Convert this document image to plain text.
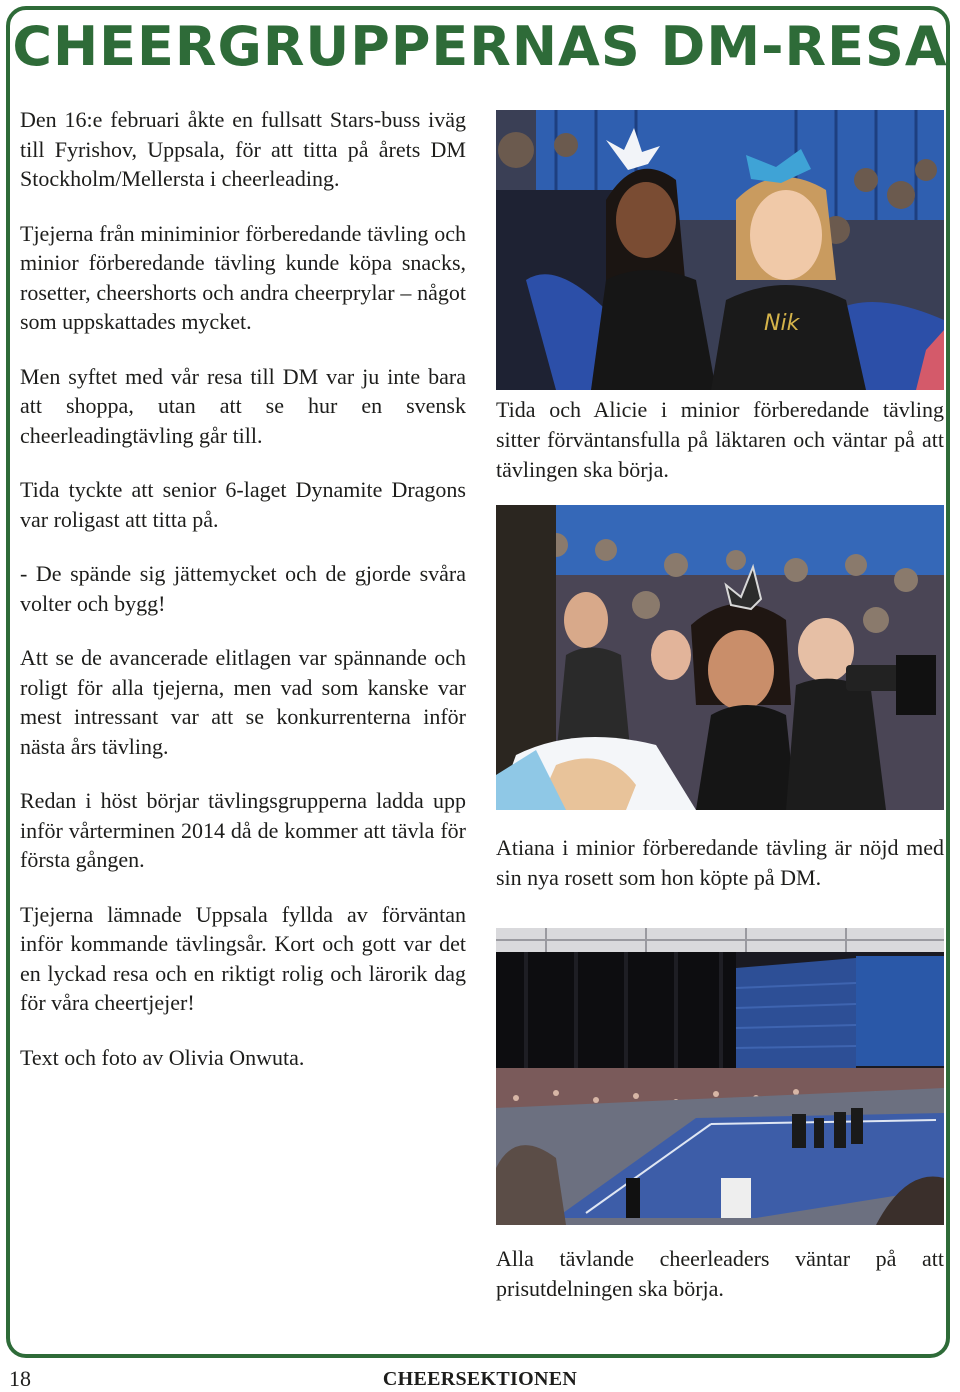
CHEERGRUPPERNAS DM-RESA

Den 16:e februari åkte en fullsatt Stars-buss iväg till Fyrishov, Uppsala, för att titta på årets DM Stockholm/Mellersta i cheerleading.

Tjejerna från miniminior förberedande tävling och minior förberedande tävling kunde köpa snacks, rosetter, cheershorts och andra cheerprylar – något som uppskattades mycket.

Men syftet med vår resa till DM var ju inte bara att shoppa, utan att se hur en svensk cheerleadingtävling går till.

Tida tyckte att senior 6-laget Dynamite Dragons var roligast att titta på.

- De spände sig jättemycket och de gjorde svåra volter och bygg!

Att se de avancerade elitlagen var spännande och roligt för alla tjejerna, men vad som kanske var mest intressant var att se konkurrenterna inför nästa års tävling.

Redan i höst börjar tävlingsgrupperna ladda upp inför vårterminen 2014 då de kommer att tävla för första gången.

Tjejerna lämnade Uppsala fyllda av förväntan inför kommande tävlingsår. Kort och gott var det en lyckad resa och en riktigt rolig och lärorik dag för våra cheertjejer!

Text och foto av Olivia Onwuta.

Nik
Tida och Alicie i minior förberedande tävling sitter förväntansfulla på läktaren och väntar på att tävlingen ska börja.
Atiana i minior förberedande tävling är nöjd med sin nya rosett som hon köpte på DM.
Alla tävlande cheerleaders väntar på att prisutdelningen ska börja.
18	CHEERSEKTIONEN
